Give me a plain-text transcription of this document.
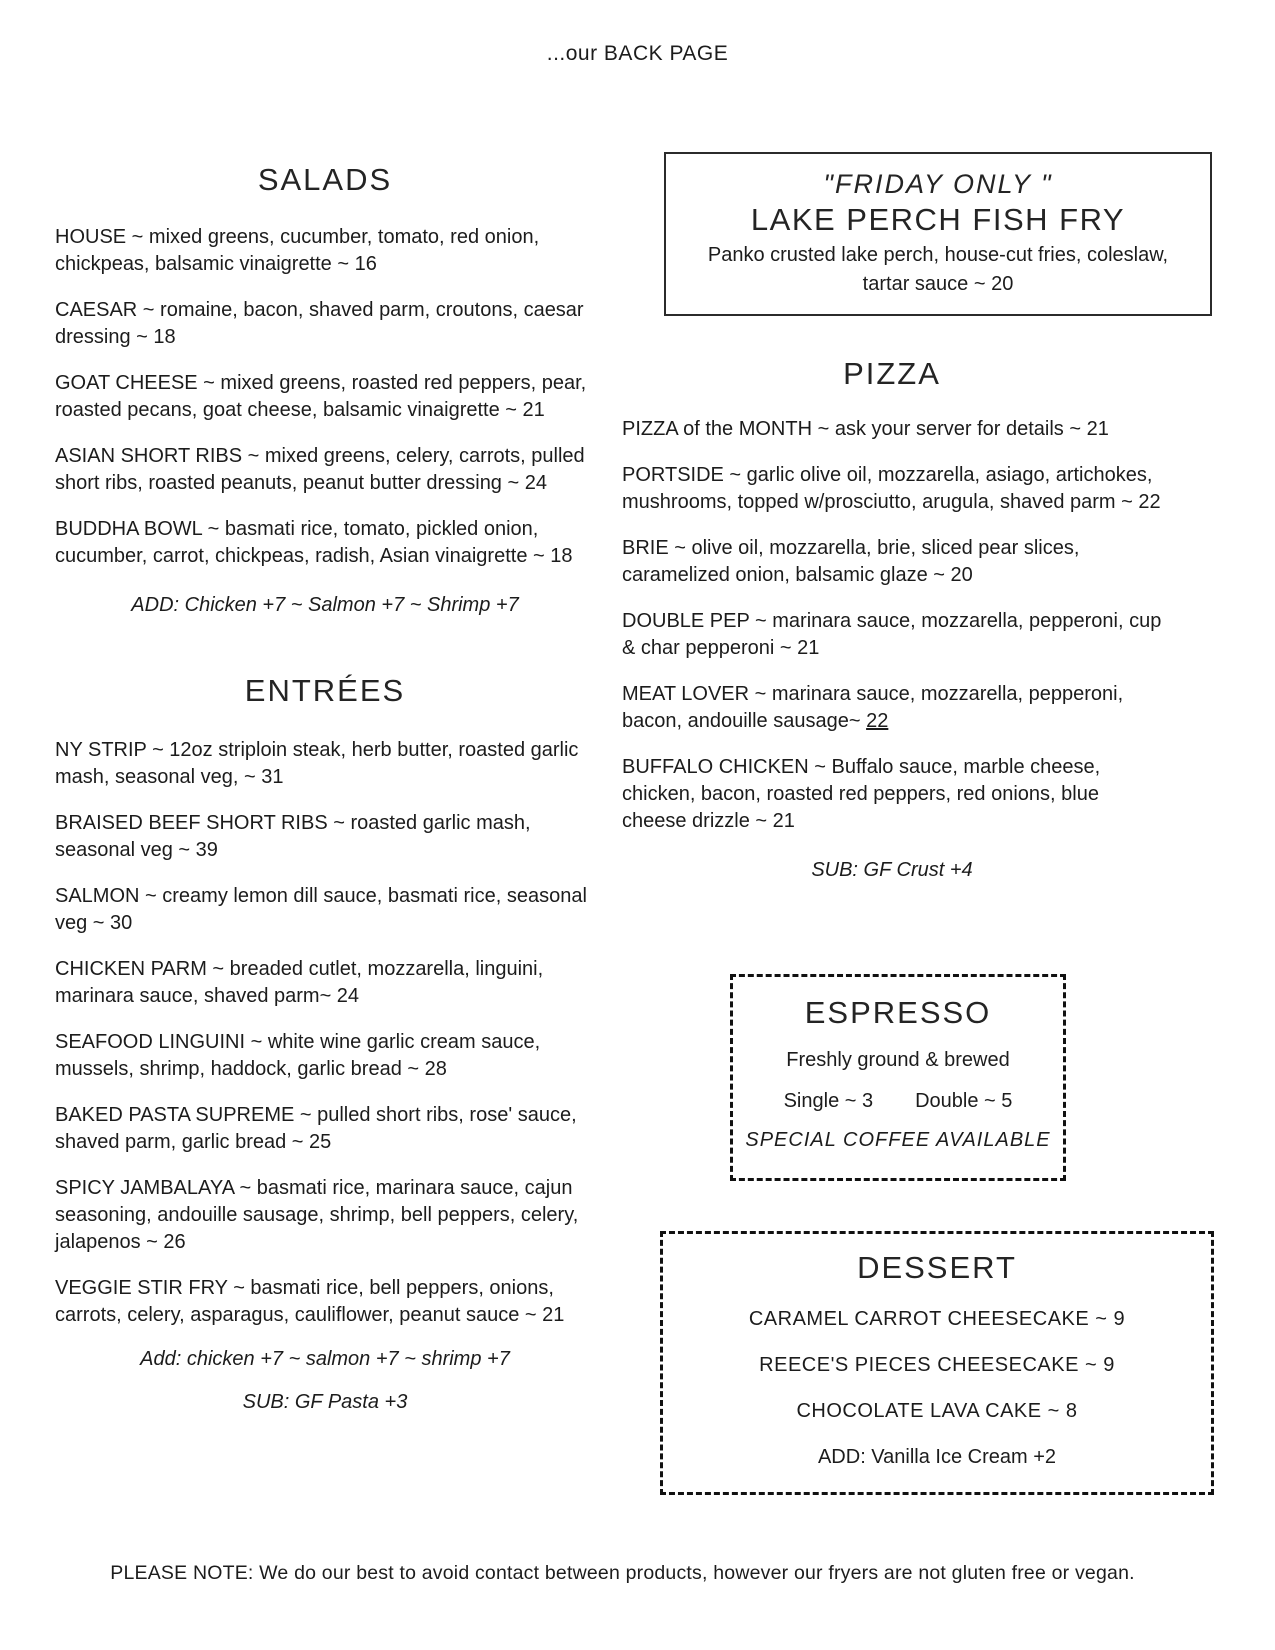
...our BACK PAGE
SALADS

HOUSE ~ mixed greens, cucumber, tomato, red onion, chickpeas, balsamic vinaigrette ~ 16

CAESAR ~ romaine, bacon, shaved parm, croutons, caesar dressing ~ 18

GOAT CHEESE ~ mixed greens, roasted red peppers, pear, roasted pecans, goat cheese, balsamic vinaigrette ~ 21

ASIAN SHORT RIBS ~ mixed greens, celery, carrots, pulled short ribs, roasted peanuts, peanut butter dressing ~ 24

BUDDHA BOWL ~ basmati rice, tomato, pickled onion, cucumber, carrot, chickpeas, radish, Asian vinaigrette ~ 18

ADD: Chicken +7 ~ Salmon +7 ~ Shrimp +7
ENTRÉES

NY STRIP ~ 12oz striploin steak, herb butter, roasted garlic mash, seasonal veg, ~ 31

BRAISED BEEF SHORT RIBS ~ roasted garlic mash, seasonal veg ~ 39

SALMON ~ creamy lemon dill sauce, basmati rice, seasonal veg ~ 30

CHICKEN PARM ~ breaded cutlet, mozzarella, linguini, marinara sauce, shaved parm~ 24

SEAFOOD LINGUINI ~ white wine garlic cream sauce, mussels, shrimp, haddock, garlic bread ~ 28

BAKED PASTA SUPREME ~ pulled short ribs, rose' sauce, shaved parm, garlic bread ~ 25

SPICY JAMBALAYA ~ basmati rice, marinara sauce, cajun seasoning, andouille sausage, shrimp, bell peppers, celery, jalapenos ~ 26

VEGGIE STIR FRY ~ basmati rice, bell peppers, onions, carrots, celery, asparagus, cauliflower, peanut sauce ~ 21

Add: chicken +7 ~ salmon +7 ~ shrimp +7
SUB: GF Pasta +3
"FRIDAY ONLY "
LAKE PERCH FISH FRY
Panko crusted lake perch, house-cut fries, coleslaw,
tartar sauce ~ 20
PIZZA

PIZZA of the MONTH ~ ask your server for details ~ 21

PORTSIDE ~ garlic olive oil, mozzarella, asiago, artichokes, mushrooms, topped w/prosciutto, arugula, shaved parm ~ 22

BRIE ~ olive oil, mozzarella, brie, sliced pear slices, caramelized onion, balsamic glaze ~ 20

DOUBLE PEP ~ marinara sauce, mozzarella, pepperoni, cup & char pepperoni ~ 21

MEAT LOVER ~ marinara sauce, mozzarella, pepperoni, bacon, andouille sausage~ 22

BUFFALO CHICKEN ~ Buffalo sauce, marble cheese, chicken, bacon, roasted red peppers, red onions, blue cheese drizzle ~ 21

SUB: GF Crust +4
ESPRESSO
Freshly ground & brewed
Single ~ 3 Double ~ 5
SPECIAL COFFEE AVAILABLE
DESSERT
CARAMEL CARROT CHEESECAKE ~ 9
REECE'S PIECES CHEESECAKE ~ 9
CHOCOLATE LAVA CAKE ~ 8
ADD: Vanilla Ice Cream +2
PLEASE NOTE: We do our best to avoid contact between products, however our fryers are not gluten free or vegan.
